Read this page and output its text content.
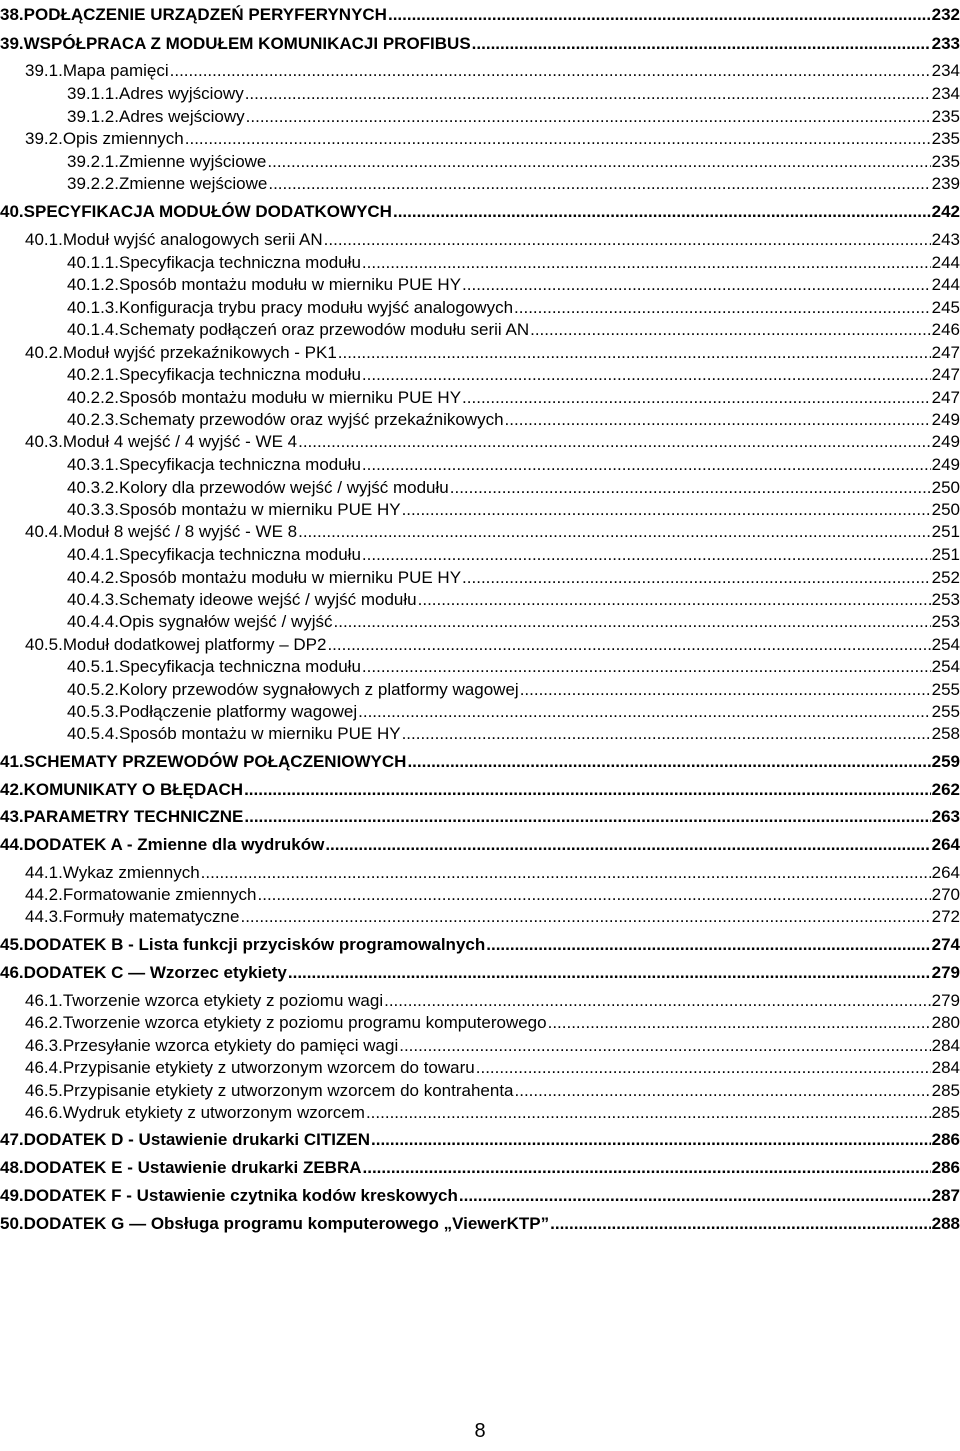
38. PODŁĄCZENIE URZĄDZEŃ PERYFERYNYCH .....	232
39. WSPÓŁPRACA Z MODUŁEM KOMUNIKACJI PROFIBUS .....	233
39.1. Mapa pamięci .....	234
39.1.1. Adres wyjściowy .....	234
39.1.2. Adres wejściowy .....	235
39.2. Opis zmiennych .....	235
39.2.1. Zmienne wyjściowe .....	235
39.2.2. Zmienne wejściowe .....	239
40. SPECYFIKACJA MODUŁÓW DODATKOWYCH .....	242
40.1. Moduł wyjść analogowych serii AN .....	243
40.1.1. Specyfikacja techniczna modułu .....	244
40.1.2. Sposób montażu modułu w mierniku PUE HY .....	244
40.1.3. Konfiguracja trybu pracy modułu wyjść analogowych .....	245
40.1.4. Schematy podłączeń oraz przewodów modułu serii AN .....	246
40.2. Moduł wyjść przekaźnikowych - PK1 .....	247
40.2.1. Specyfikacja techniczna modułu .....	247
40.2.2. Sposób montażu modułu w mierniku PUE HY .....	247
40.2.3. Schematy przewodów oraz wyjść przekaźnikowych .....	249
40.3. Moduł 4 wejść / 4 wyjść - WE 4 .....	249
40.3.1. Specyfikacja techniczna modułu .....	249
40.3.2. Kolory dla przewodów wejść / wyjść modułu .....	250
40.3.3. Sposób montażu w mierniku PUE HY .....	250
40.4. Moduł 8 wejść / 8 wyjść - WE 8 .....	251
40.4.1. Specyfikacja techniczna modułu .....	251
40.4.2. Sposób montażu modułu w mierniku PUE HY .....	252
40.4.3. Schematy ideowe wejść / wyjść modułu .....	253
40.4.4. Opis sygnałów wejść / wyjść .....	253
40.5. Moduł dodatkowej platformy – DP2 .....	254
40.5.1. Specyfikacja techniczna modułu .....	254
40.5.2. Kolory przewodów sygnałowych z platformy wagowej .....	255
40.5.3. Podłączenie platformy wagowej .....	255
40.5.4. Sposób montażu w mierniku PUE HY .....	258
41. SCHEMATY PRZEWODÓW POŁĄCZENIOWYCH .....	259
42. KOMUNIKATY O BŁĘDACH .....	262
43. PARAMETRY TECHNICZNE .....	263
44. DODATEK A - Zmienne dla wydruków .....	264
44.1. Wykaz zmiennych .....	264
44.2. Formatowanie zmiennych .....	270
44.3. Formuły matematyczne .....	272
45. DODATEK B - Lista funkcji przycisków programowalnych .....	274
46. DODATEK C — Wzorzec etykiety .....	279
46.1. Tworzenie wzorca etykiety z poziomu wagi .....	279
46.2. Tworzenie wzorca etykiety z poziomu programu komputerowego .....	280
46.3. Przesyłanie wzorca etykiety do pamięci wagi .....	284
46.4. Przypisanie etykiety z utworzonym wzorcem do towaru .....	284
46.5. Przypisanie etykiety z utworzonym wzorcem do kontrahenta .....	285
46.6. Wydruk etykiety z utworzonym wzorcem .....	285
47. DODATEK D - Ustawienie drukarki CITIZEN .....	286
48. DODATEK E - Ustawienie drukarki ZEBRA .....	286
49. DODATEK F - Ustawienie czytnika kodów kreskowych .....	287
50. DODATEK G — Obsługa programu komputerowego „ViewerKTP” .....	288
8
